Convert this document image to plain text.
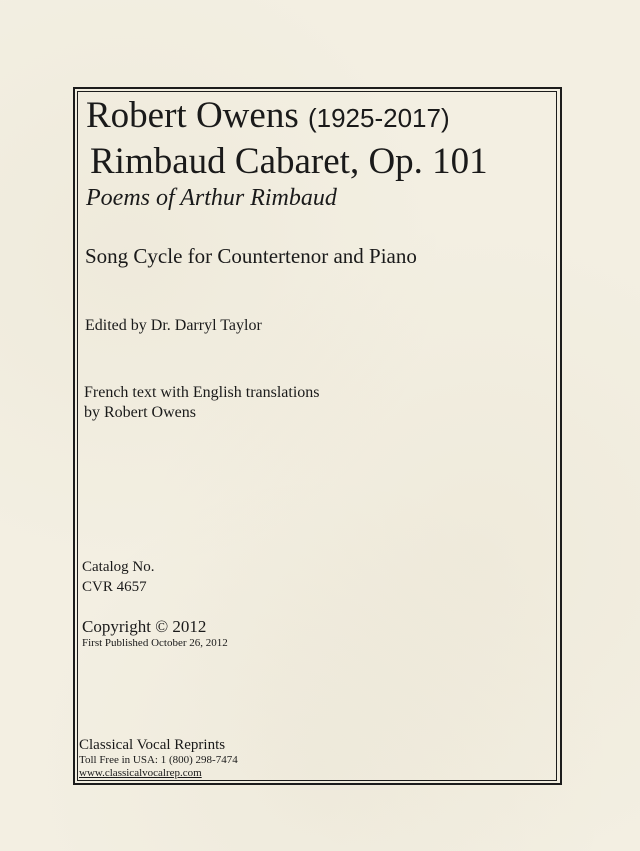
Robert Owens (1925-2017)
Rimbaud Cabaret, Op. 101
Poems of Arthur Rimbaud
Song Cycle for Countertenor and Piano
Edited by Dr. Darryl Taylor
French text with English translations
by Robert Owens
Catalog No.
CVR 4657
Copyright © 2012
First Published October 26, 2012
Classical Vocal Reprints
Toll Free in USA: 1 (800) 298-7474
www.classicalvocalrep.com
